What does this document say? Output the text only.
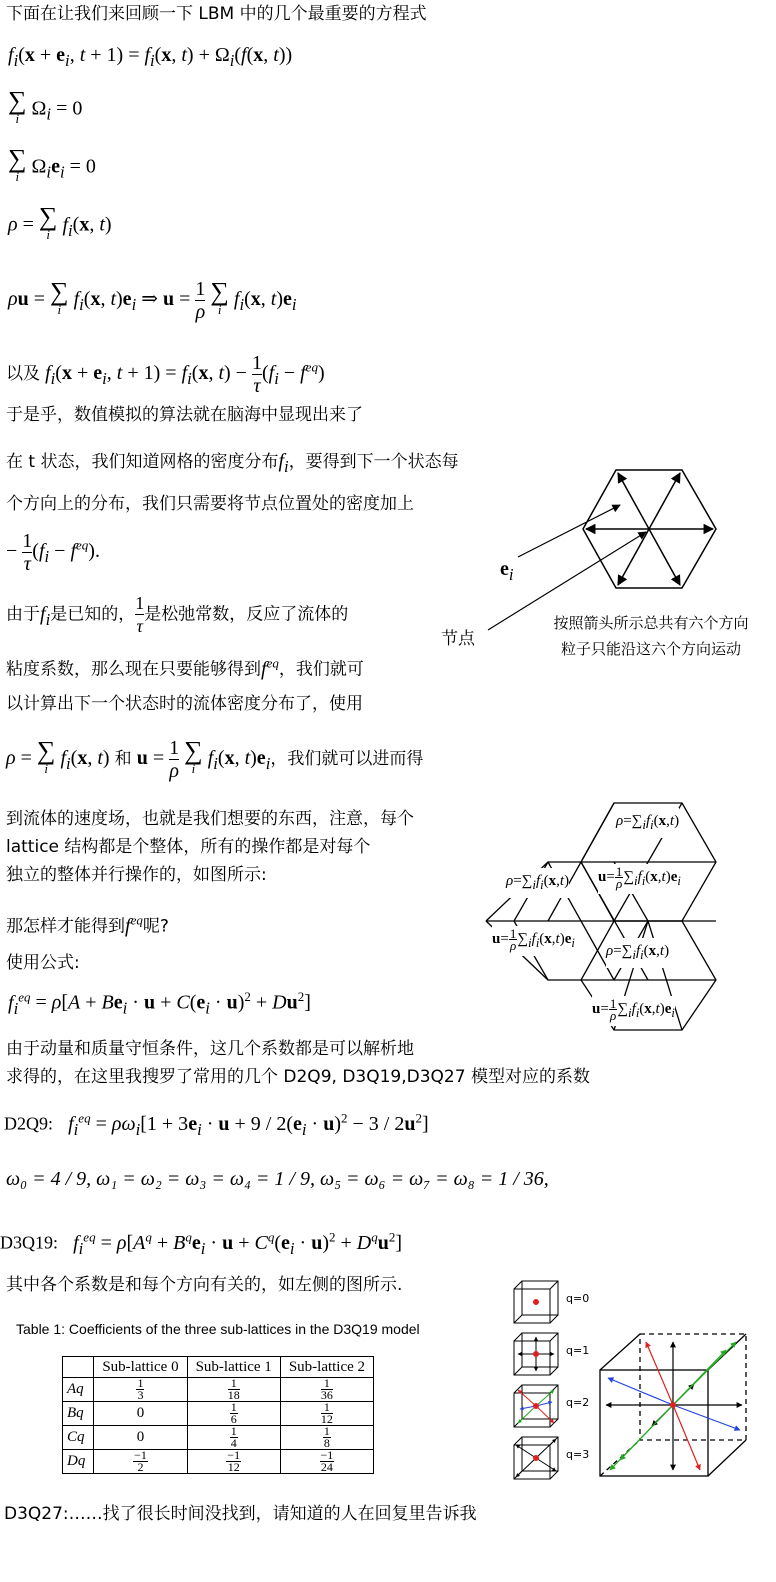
下面在让我们来回顾一下 LBM 中的几个最重要的方程式
$f_i(x + e_i$, $t + 1) = f_i(x$, $t) + \Omega_i(f(x$, t))
∑
i $\Omega_i = 0$
∑
i $\Omega_ie_i = 0$
ρ = ∑
i $f_i(x$, t)
ρu = ∑
i $f_i(x$, $t)e_i$ ⇒ $u = \frac{1}{\rho}$
∑
i $f_i(x$, $t)e_i$
以及 $f_i(x + e_i$, $t + 1) = f_i(x$, $t) - \frac{1}{\tau} (f_i - f^{eq})$
于是乎，数值模拟的算法就在脑海中显现出来了
在 t 状态，我们知道网格的密度分布$f_i$，要得到下一个状态每
个方向上的分布，我们只需要将节点位置处的密度加上
− $\frac{1}{\tau} (f_i - f^{eq})$.
由于$f_i$是已知的， $\frac{1}{\tau}$ 是松弛常数，反应了流体的
粘度系数，那么现在只要能够得到$f^{eq}$，我们就可
以计算出下一个状态时的流体密度分布了，使用
ρ = ∑
i $f_i(x$, t) 和 $u = \frac{1}{\rho}$
∑
i $f_i(x$, $t)e_i$，我们就可以进而得
到流体的速度场，也就是我们想要的东西，注意，每个
lattice 结构都是个整体，所有的操作都是对每个
独立的整体并行操作的，如图所示:
那怎样才能得到$f^{eq}$呢?
使用公式:
$f_i^{eq} = \rho[A + Be_i \cdot u + C(e_i \cdot u)^2 + Du^2]$
由于动量和质量守恒条件，这几个系数都是可以解析地
求得的，在这里我搜罗了常用的几个 D2Q9, D3Q19,D3Q27 模型对应的系数
D2Q9: $f_i^{eq} = \rho\omega_i[1 + 3e_i \cdot u + 9 / 2(e_i \cdot u)^2 - 3 / 2u^2]$
ω₀ = 4 / 9, ω₁ = ω₂ = ω₃ = ω₄ = 1 / 9, ω₅ = ω₆ = ω₇ = ω₈ = 1 / 36,
D3Q19: $f_i^{eq} = \rho[A^q + B^qe_i \cdot u + C^q(e_i \cdot u)^2 + D^qu^2]$
其中各个系数是和每个方向有关的，如左侧的图所示.
Table 1: Coefficients of the three sub-lattices in the D3Q19 model
	Sub-lattice 0	Sub-lattice 1	Sub-lattice 2
Aq	$\frac{1}{3}$	$\frac{1}{18}$	$\frac{1}{36}$

Bq	0	$\frac{1}{6}$	$\frac{1}{12}$

Cq	0	$\frac{1}{4}$	$\frac{1}{8}$

Dq	$\frac{-1}{2}$	$\frac{-1}{12}$	$\frac{-1}{24}$
D3Q27:……找了很长时间没找到，请知道的人在回复里告诉我
$e_i$
节点
按照箭头所示总共有六个方向粒子只能沿这六个方向运动
$\rho=\sum_if_i(x,t)$
$\rho=\sum_if_i(x,t)$ $u= \frac{1}{\rho} \sum_if_i(x,t)e_i$
$u= \frac{1}{\rho} \sum_if_i(x,t)e_i$ $\rho=\sum_if_i(x,t)$
$u= \frac{1}{\rho} \sum_if_i(x,t)e_i$
q=0
q=1
q=2
q=3
